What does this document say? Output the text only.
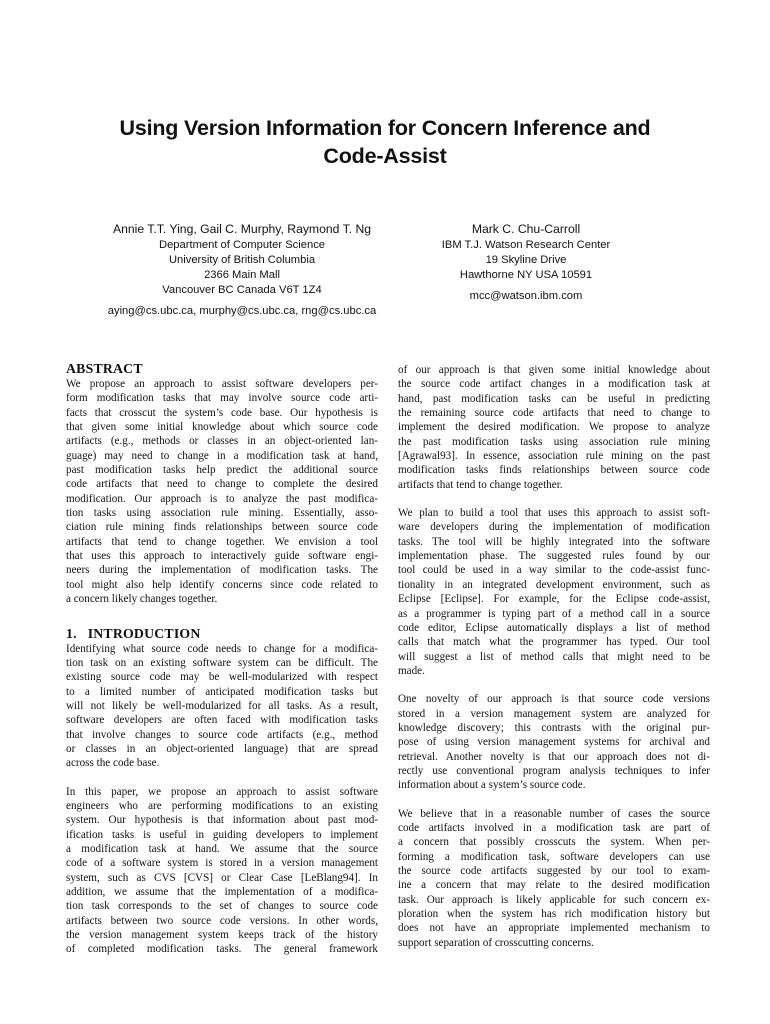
Using Version Information for Concern Inference and
Code-Assist
Annie T.T. Ying, Gail C. Murphy, Raymond T. Ng
Department of Computer Science
University of British Columbia
2366 Main Mall
Vancouver BC Canada V6T 1Z4
aying@cs.ubc.ca, murphy@cs.ubc.ca, rng@cs.ubc.ca
Mark C. Chu-Carroll
IBM T.J. Watson Research Center
19 Skyline Drive
Hawthorne NY USA 10591
mcc@watson.ibm.com
ABSTRACT
We propose an approach to assist software developers per-
form modification tasks that may involve source code arti-
facts that crosscut the system’s code base. Our hypothesis is
that given some initial knowledge about which source code
artifacts (e.g., methods or classes in an object-oriented lan-
guage) may need to change in a modification task at hand,
past modification tasks help predict the additional source
code artifacts that need to change to complete the desired
modification. Our approach is to analyze the past modifica-
tion tasks using association rule mining. Essentially, asso-
ciation rule mining finds relationships between source code
artifacts that tend to change together. We envision a tool
that uses this approach to interactively guide software engi-
neers during the implementation of modification tasks. The
tool might also help identify concerns since code related to
a concern likely changes together.
1.   INTRODUCTION
Identifying what source code needs to change for a modifica-
tion task on an existing software system can be difficult. The
existing source code may be well-modularized with respect
to a limited number of anticipated modification tasks but
will not likely be well-modularized for all tasks. As a result,
software developers are often faced with modification tasks
that involve changes to source code artifacts (e.g., method
or classes in an object-oriented language) that are spread
across the code base.
In this paper, we propose an approach to assist software
engineers who are performing modifications to an existing
system. Our hypothesis is that information about past mod-
ification tasks is useful in guiding developers to implement
a modification task at hand. We assume that the source
code of a software system is stored in a version management
system, such as CVS [CVS] or Clear Case [LeBlang94]. In
addition, we assume that the implementation of a modifica-
tion task corresponds to the set of changes to source code
artifacts between two source code versions. In other words,
the version management system keeps track of the history
of completed modification tasks. The general framework
of our approach is that given some initial knowledge about
the source code artifact changes in a modification task at
hand, past modification tasks can be useful in predicting
the remaining source code artifacts that need to change to
implement the desired modification. We propose to analyze
the past modification tasks using association rule mining
[Agrawal93]. In essence, association rule mining on the past
modification tasks finds relationships between source code
artifacts that tend to change together.
We plan to build a tool that uses this approach to assist soft-
ware developers during the implementation of modification
tasks. The tool will be highly integrated into the software
implementation phase. The suggested rules found by our
tool could be used in a way similar to the code-assist func-
tionality in an integrated development environment, such as
Eclipse [Eclipse]. For example, for the Eclipse code-assist,
as a programmer is typing part of a method call in a source
code editor, Eclipse automatically displays a list of method
calls that match what the programmer has typed. Our tool
will suggest a list of method calls that might need to be
made.
One novelty of our approach is that source code versions
stored in a version management system are analyzed for
knowledge discovery; this contrasts with the original pur-
pose of using version management systems for archival and
retrieval. Another novelty is that our approach does not di-
rectly use conventional program analysis techniques to infer
information about a system’s source code.
We believe that in a reasonable number of cases the source
code artifacts involved in a modification task are part of
a concern that possibly crosscuts the system. When per-
forming a modification task, software developers can use
the source code artifacts suggested by our tool to exam-
ine a concern that may relate to the desired modification
task. Our approach is likely applicable for such concern ex-
ploration when the system has rich modification history but
does not have an appropriate implemented mechanism to
support separation of crosscutting concerns.
